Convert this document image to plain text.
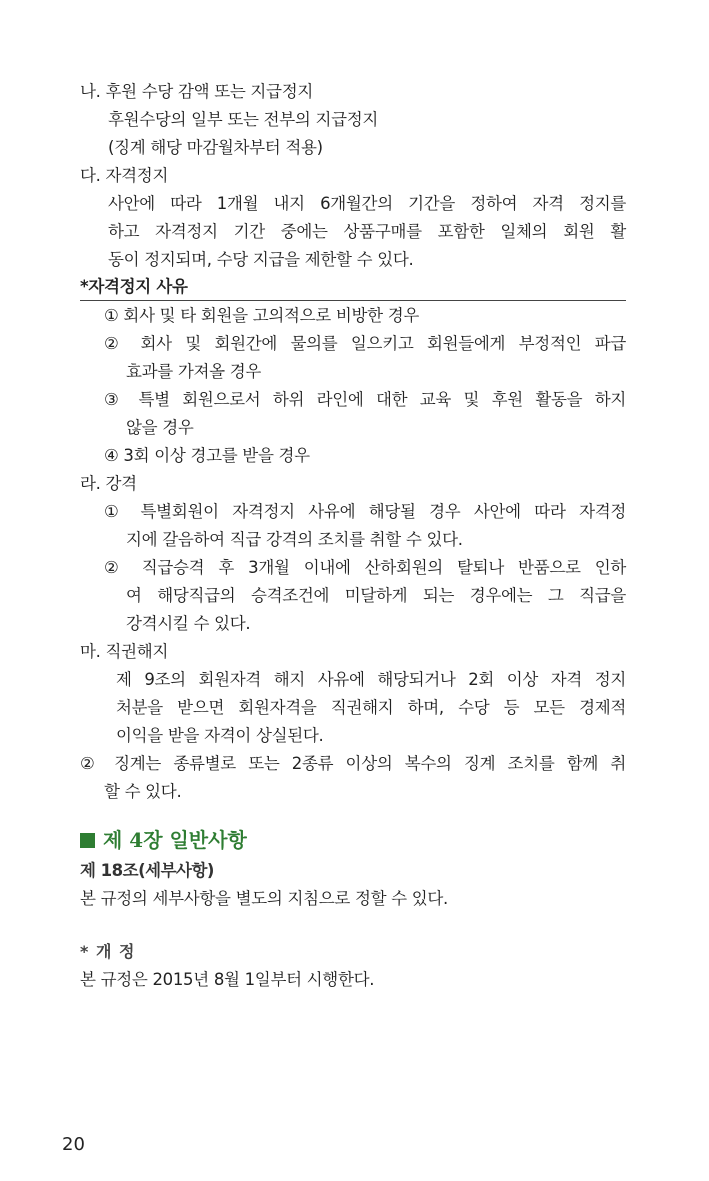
나. 후원 수당 감액 또는 지급정지

후원수당의 일부 또는 전부의 지급정지

(징계 해당 마감월차부터 적용)

다. 자격정지

사안에 따라 1개월 내지 6개월간의 기간을 정하여 자격 정지를

하고 자격정지 기간 중에는 상품구매를 포함한 일체의 회원 활

동이 정지되며, 수당 지급을 제한할 수 있다.

*자격정지 사유

① 회사 및 타 회원을 고의적으로 비방한 경우

② 회사 및 회원간에 물의를 일으키고 회원들에게 부정적인 파급

효과를 가져올 경우

③ 특별 회원으로서 하위 라인에 대한 교육 및 후원 활동을 하지

않을 경우

④ 3회 이상 경고를 받을 경우

라. 강격

① 특별회원이 자격정지 사유에 해당될 경우 사안에 따라 자격정

지에 갈음하여 직급 강격의 조치를 취할 수 있다.

② 직급승격 후 3개월 이내에 산하회원의 탈퇴나 반품으로 인하

여 해당직급의 승격조건에 미달하게 되는 경우에는 그 직급을

강격시킬 수 있다.

마. 직권해지

제 9조의 회원자격 해지 사유에 해당되거나 2회 이상 자격 정지

처분을 받으면 회원자격을 직권해지 하며, 수당 등 모든 경제적

이익을 받을 자격이 상실된다.

② 징계는 종류별로 또는 2종류 이상의 복수의 징계 조치를 함께 취

할 수 있다.

제 4장 일반사항
제 18조(세부사항)

본 규정의 세부사항을 별도의 지침으로 정할 수 있다.

* 개 정

본 규정은 2015년 8월 1일부터 시행한다.

20
